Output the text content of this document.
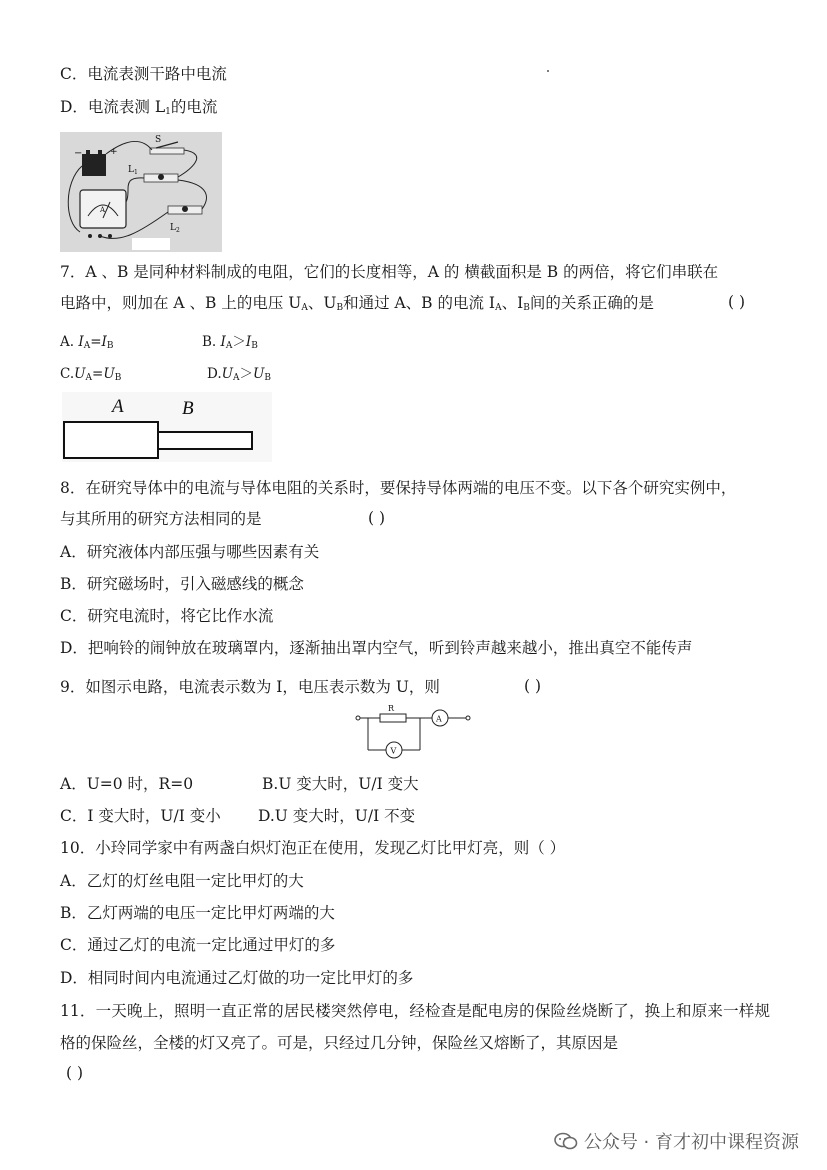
C．电流表测干路中电流
D．电流表测 $L_1$的电流
−	+
A
S
$L_1$
$L_2$
7．A 、B 是同种材料制成的电阻，它们的长度相等，A 的 横截面积是 B 的两倍，将它们串联在
电路中，则加在 A 、B 上的电压 $U_A$、$U_B$和通过 A、B 的电流 $I_A$、$I_B$间的关系正确的是	( )
A. $I_A=I_B$	B. $I_A>I_B$
$C.U_A=U_B$	$D.U_A>U_B$
A	B
8．在研究导体中的电流与导体电阻的关系时，要保持导体两端的电压不变。以下各个研究实例中，
与其所用的研究方法相同的是	( )
A．研究液体内部压强与哪些因素有关
B．研究磁场时，引入磁感线的概念
C．研究电流时，将它比作水流
D．把响铃的闹钟放在玻璃罩内，逐渐抽出罩内空气，听到铃声越来越小，推出真空不能传声
9．如图示电路，电流表示数为 I，电压表示数为 U，则	( )
R
A
V
A．U=0 时，R=0	B.U 变大时，U/I 变大
C．I 变大时，U/I 变小 D.U 变大时，U/I 不变
10．小玲同学家中有两盏白炽灯泡正在使用，发现乙灯比甲灯亮，则（ ）
A．乙灯的灯丝电阻一定比甲灯的大
B．乙灯两端的电压一定比甲灯两端的大
C．通过乙灯的电流一定比通过甲灯的多
D．相同时间内电流通过乙灯做的功一定比甲灯的多
11．一天晚上，照明一直正常的居民楼突然停电，经检查是配电房的保险丝烧断了，换上和原来一样规格的保险丝，全楼的灯又亮了。可是，只经过几分钟，保险丝又熔断了，其原因是
( )
公众号 · 育才初中课程资源
